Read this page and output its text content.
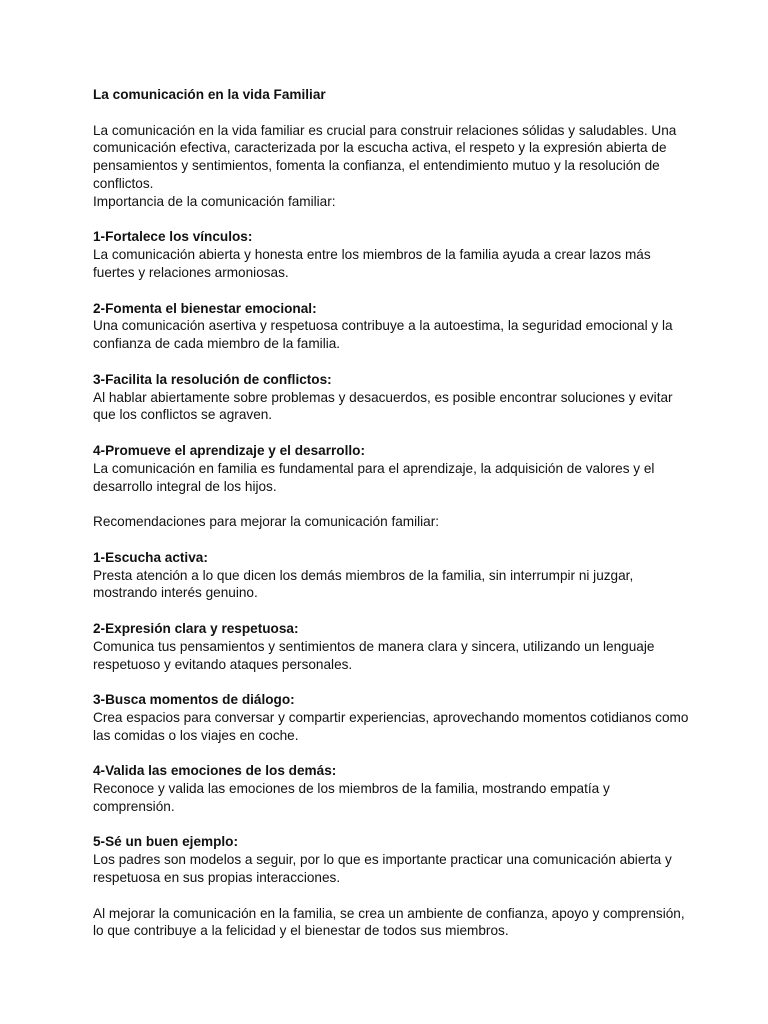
La comunicación en la vida Familiar

La comunicación en la vida familiar es crucial para construir relaciones sólidas y saludables. Una comunicación efectiva, caracterizada por la escucha activa, el respeto y la expresión abierta de pensamientos y sentimientos, fomenta la confianza, el entendimiento mutuo y la resolución de conflictos.

Importancia de la comunicación familiar:

1-Fortalece los vínculos:

La comunicación abierta y honesta entre los miembros de la familia ayuda a crear lazos más fuertes y relaciones armoniosas.

2-Fomenta el bienestar emocional:

Una comunicación asertiva y respetuosa contribuye a la autoestima, la seguridad emocional y la confianza de cada miembro de la familia.

3-Facilita la resolución de conflictos:

Al hablar abiertamente sobre problemas y desacuerdos, es posible encontrar soluciones y evitar que los conflictos se agraven.

4-Promueve el aprendizaje y el desarrollo:

La comunicación en familia es fundamental para el aprendizaje, la adquisición de valores y el desarrollo integral de los hijos.

Recomendaciones para mejorar la comunicación familiar:

1-Escucha activa:

Presta atención a lo que dicen los demás miembros de la familia, sin interrumpir ni juzgar, mostrando interés genuino.

2-Expresión clara y respetuosa:

Comunica tus pensamientos y sentimientos de manera clara y sincera, utilizando un lenguaje respetuoso y evitando ataques personales.

3-Busca momentos de diálogo:

Crea espacios para conversar y compartir experiencias, aprovechando momentos cotidianos como las comidas o los viajes en coche.

4-Valida las emociones de los demás:

Reconoce y valida las emociones de los miembros de la familia, mostrando empatía y comprensión.

5-Sé un buen ejemplo:

Los padres son modelos a seguir, por lo que es importante practicar una comunicación abierta y respetuosa en sus propias interacciones.

Al mejorar la comunicación en la familia, se crea un ambiente de confianza, apoyo y comprensión, lo que contribuye a la felicidad y el bienestar de todos sus miembros.
